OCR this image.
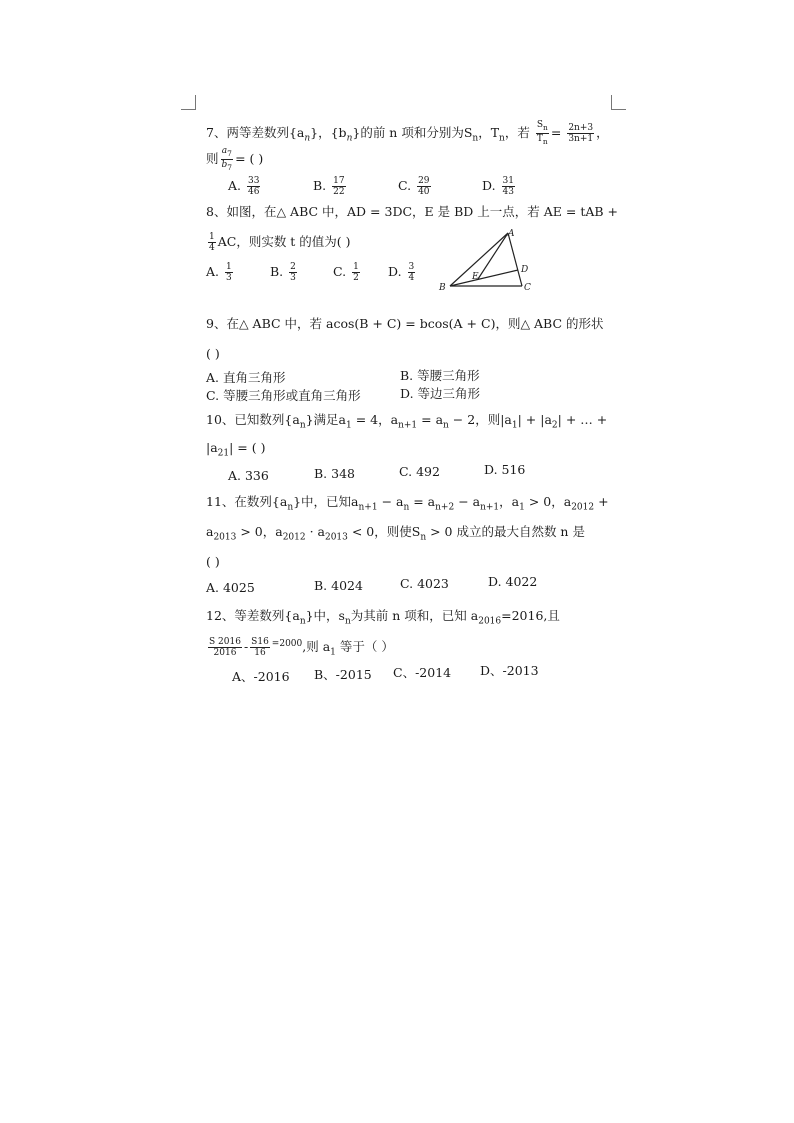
7、两等差数列$\{a_n\}$，$\{b_n\}$的前 n 项和分别为$S_n$，$T_n$，若 $\frac{S_n}{T_n} = \frac{2n+3}{3n+1}$ ，
则 $\frac{a_7}{b_7}$ = ( )
A. $\frac{33}{46}$	B. $\frac{17}{22}$	C. $\frac{29}{40}$	D. $\frac{31}{43}$
8、如图，在△ ABC 中，AD = 3DC，E 是 BD 上一点，若 AE = tAB +
$\frac{1}{4}$ AC，则实数 t 的值为( )
A. $\frac{1}{3}$	B. $\frac{2}{3}$	C. $\frac{1}{2} D$. $\frac{3}{4}$
A
B	C
D
E
9、在△ ABC 中，若 acos(B + C) = bcos(A + C)，则△ ABC 的形状
( )
A. 直角三角形	B. 等腰三角形
C. 等腰三角形或直角三角形	D. 等边三角形
10、已知数列$\{a_n\}$满足$a_1 = 4$，$a_{n+1} = a_n - 2$，则$|a_1| + |a_2|$ + … +
$|a_{21}|$ = ( )
A. 336	B. 348	C. 492	D. 516
11、在数列$\{a_n\}$中，已知$a_{n+1} - a_n = a_{n+2} - a_{n+1}$，$a_1 > 0$，$a_{2012}$ +
$a_{2013} > 0$，$a_{2012} \cdot a_{2013} < 0$，则使$S_n > 0$ 成立的最大自然数 n 是
( )
A. 4025	B. 4024	C. 4023	D. 4022
12、等差数列$\{a_n\}$中，$s_n$为其前 n 项和，已知 $a_{2016}=2016$,且
$\frac{S 2016}{2016} - \frac{S16}{16} ^{=2000}$,则 $a_1$ 等于（ ）
A、-2016 B、-2015 C、-2014 D、-2013
